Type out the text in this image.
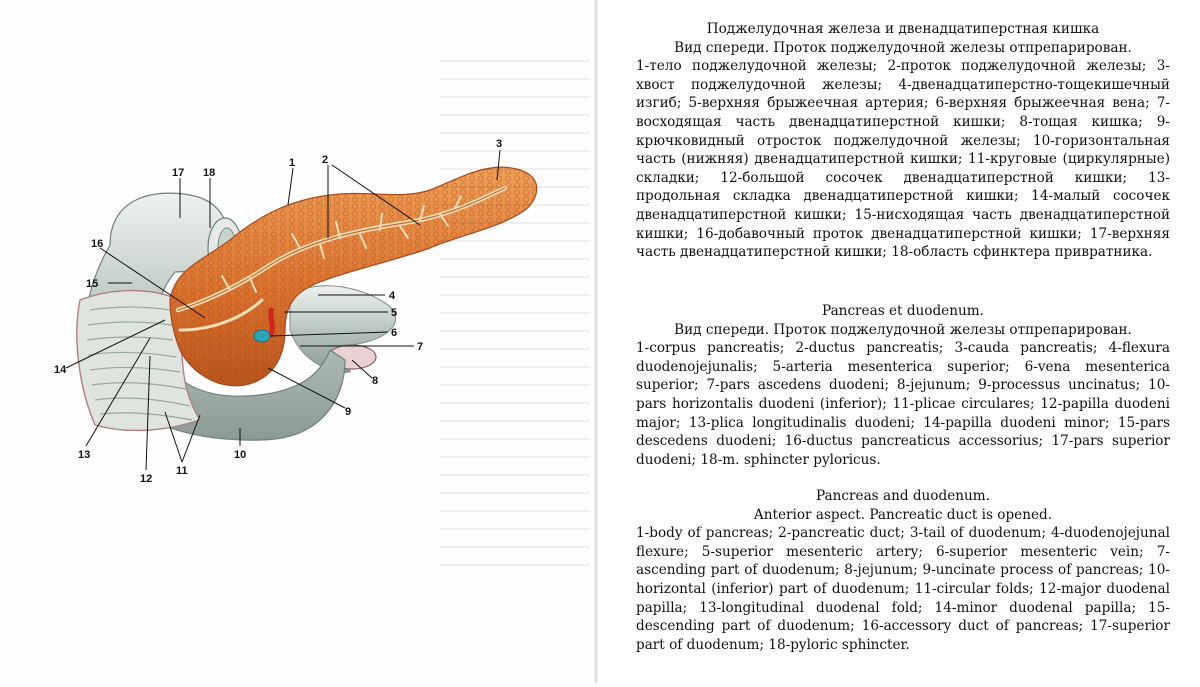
1 2
3
4
5
6
7
8
9
10
11
12
13
14
15
16
17 18
Поджелудочная железа и двенадцатиперстная кишка
Вид спереди. Проток поджелудочной железы отпрепарирован.
1-тело поджелудочной железы; 2-проток поджелудочной железы; 3-хвост поджелудочной железы; 4-двенадцатиперстно-тощекишечный изгиб; 5-верхняя брыжеечная артерия; 6-верхняя брыжеечная вена; 7-восходящая часть двенадцатиперстной кишки; 8-тощая кишка; 9-крючковидный отросток поджелудочной железы; 10-горизонтальная часть (нижняя) двенадцатиперстной кишки; 11-круговые (циркулярные) складки; 12-большой сосочек двенадцатиперстной кишки; 13-продольная складка двенадцатиперстной кишки; 14-малый сосочек двенадцатиперстной кишки; 15-нисходящая часть двенадцатиперстной кишки; 16-добавочный проток двенадцатиперстной кишки; 17-верхняя часть двенадцатиперстной кишки; 18-область сфинктера привратника.
Pancreas et duodenum.
Вид спереди. Проток поджелудочной железы отпрепарирован.
1-corpus pancreatis; 2-ductus pancreatis; 3-cauda pancreatis; 4-flexura duodenojejunalis; 5-arteria mesenterica superior; 6-vena mesenterica superior; 7-pars ascedens duodeni; 8-jejunum; 9-processus uncinatus; 10-pars horizontalis duodeni (inferior); 11-plicae circulares; 12-papilla duodeni major; 13-plica longitudinalis duodeni; 14-papilla duodeni minor; 15-pars descedens duodeni; 16-ductus pancreaticus accessorius; 17-pars superior duodeni; 18-m. sphincter pyloricus.
Pancreas and duodenum.
Anterior aspect. Pancreatic duct is opened.
1-body of pancreas; 2-pancreatic duct; 3-tail of duodenum; 4-duodenojejunal flexure; 5-superior mesenteric artery; 6-superior mesenteric vein; 7-ascending part of duodenum; 8-jejunum; 9-uncinate process of pancreas; 10-horizontal (inferior) part of duodenum; 11-circular folds; 12-major duodenal papilla; 13-longitudinal duodenal fold; 14-minor duodenal papilla; 15-descending part of duodenum; 16-accessory duct of pancreas; 17-superior part of duodenum; 18-pyloric sphincter.
